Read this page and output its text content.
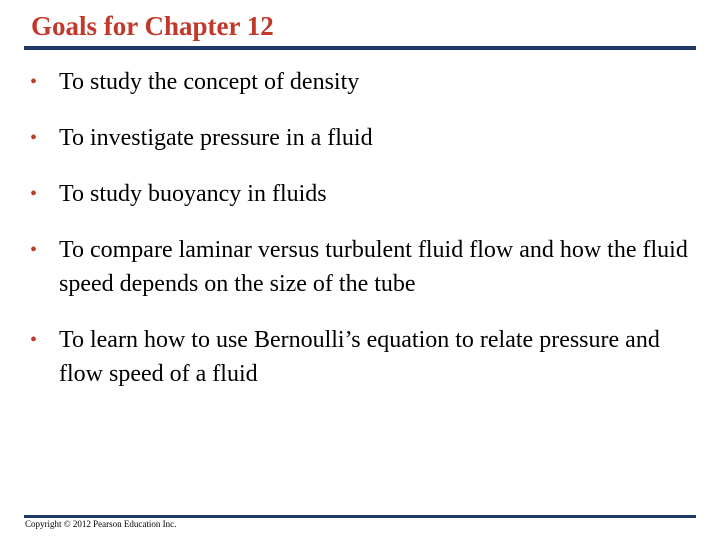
Goals for Chapter 12
• To study the concept of density
• To investigate pressure in a fluid
• To study buoyancy in fluids
• To compare laminar versus turbulent fluid flow and how the fluid speed depends on the size of the tube
• To learn how to use Bernoulli’s equation to relate pressure and flow speed of a fluid
Copyright © 2012 Pearson Education Inc.
